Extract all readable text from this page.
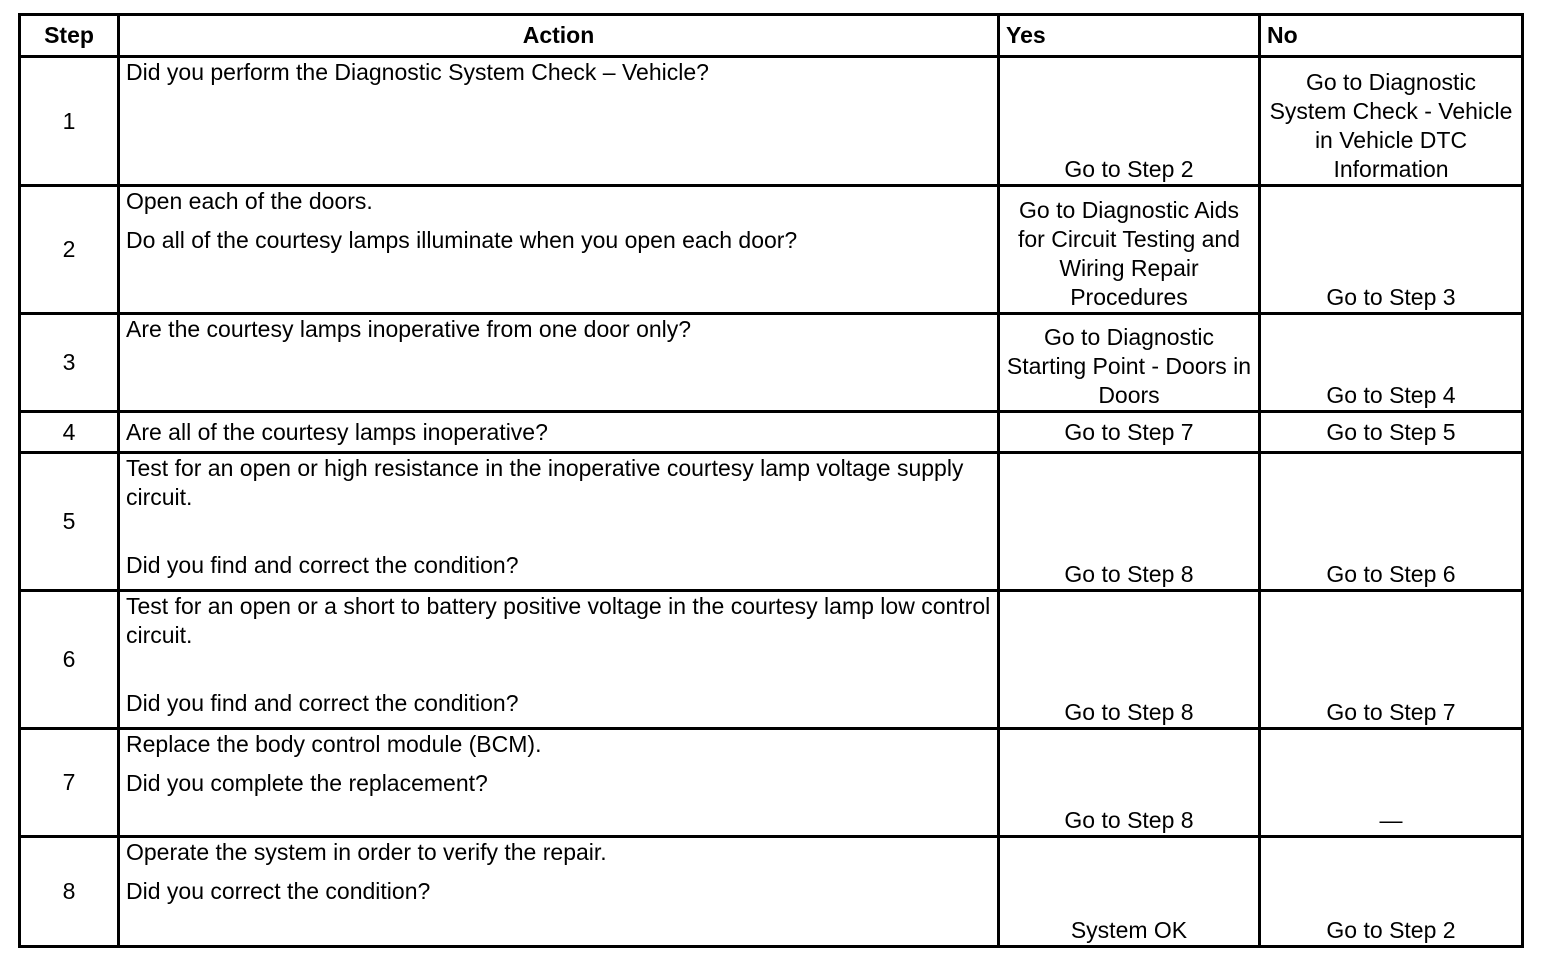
Step	Action	Yes	No
1	Did you perform the Diagnostic System Check – Vehicle?	Go to Step 2	Go to Diagnostic System Check - Vehicle in Vehicle DTC Information
2	Open each of the doors.
Do all of the courtesy lamps illuminate when you open each door?	Go to Diagnostic Aids for Circuit Testing and Wiring Repair Procedures	Go to Step 3
3	Are the courtesy lamps inoperative from one door only?	Go to Diagnostic Starting Point - Doors in Doors	Go to Step 4
4	Are all of the courtesy lamps inoperative?	Go to Step 7	Go to Step 5
5	Test for an open or high resistance in the inoperative courtesy lamp voltage supply circuit.
Did you find and correct the condition?	Go to Step 8	Go to Step 6
6	Test for an open or a short to battery positive voltage in the courtesy lamp low control circuit.
Did you find and correct the condition?	Go to Step 8	Go to Step 7
7	Replace the body control module (BCM).
Did you complete the replacement?	Go to Step 8	—
8	Operate the system in order to verify the repair.
Did you correct the condition?	System OK	Go to Step 2
